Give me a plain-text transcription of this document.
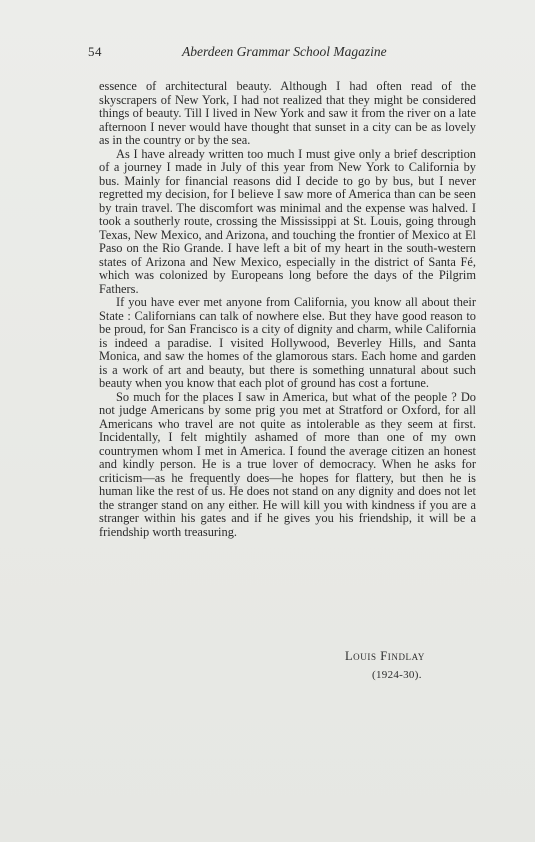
54	Aberdeen Grammar School Magazine

essence of architectural beauty. Although I had often read of the skyscrapers of New York, I had not realized that they might be considered things of beauty. Till I lived in New York and saw it from the river on a late afternoon I never would have thought that sunset in a city can be as lovely as in the country or by the sea.

As I have already written too much I must give only a brief description of a journey I made in July of this year from New York to California by bus. Mainly for financial reasons did I decide to go by bus, but I never regretted my decision, for I believe I saw more of America than can be seen by train travel. The discomfort was minimal and the expense was halved. I took a southerly route, crossing the Mississippi at St. Louis, going through Texas, New Mexico, and Arizona, and touching the frontier of Mexico at El Paso on the Rio Grande. I have left a bit of my heart in the south-western states of Arizona and New Mexico, especially in the district of Santa Fé, which was colonized by Europeans long before the days of the Pilgrim Fathers.

If you have ever met anyone from California, you know all about their State : Californians can talk of nowhere else. But they have good reason to be proud, for San Francisco is a city of dignity and charm, while California is indeed a paradise. I visited Hollywood, Beverley Hills, and Santa Monica, and saw the homes of the glamorous stars. Each home and garden is a work of art and beauty, but there is something unnatural about such beauty when you know that each plot of ground has cost a fortune.

So much for the places I saw in America, but what of the people ? Do not judge Americans by some prig you met at Stratford or Oxford, for all Americans who travel are not quite as intolerable as they seem at first. Incidentally, I felt mightily ashamed of more than one of my own countrymen whom I met in America. I found the average citizen an honest and kindly person. He is a true lover of democracy. When he asks for criticism—as he frequently does—he hopes for flattery, but then he is human like the rest of us. He does not stand on any dignity and does not let the stranger stand on any either. He will kill you with kindness if you are a stranger within his gates and if he gives you his friendship, it will be a friendship worth treasuring.

Louis Findlay
(1924-30).
